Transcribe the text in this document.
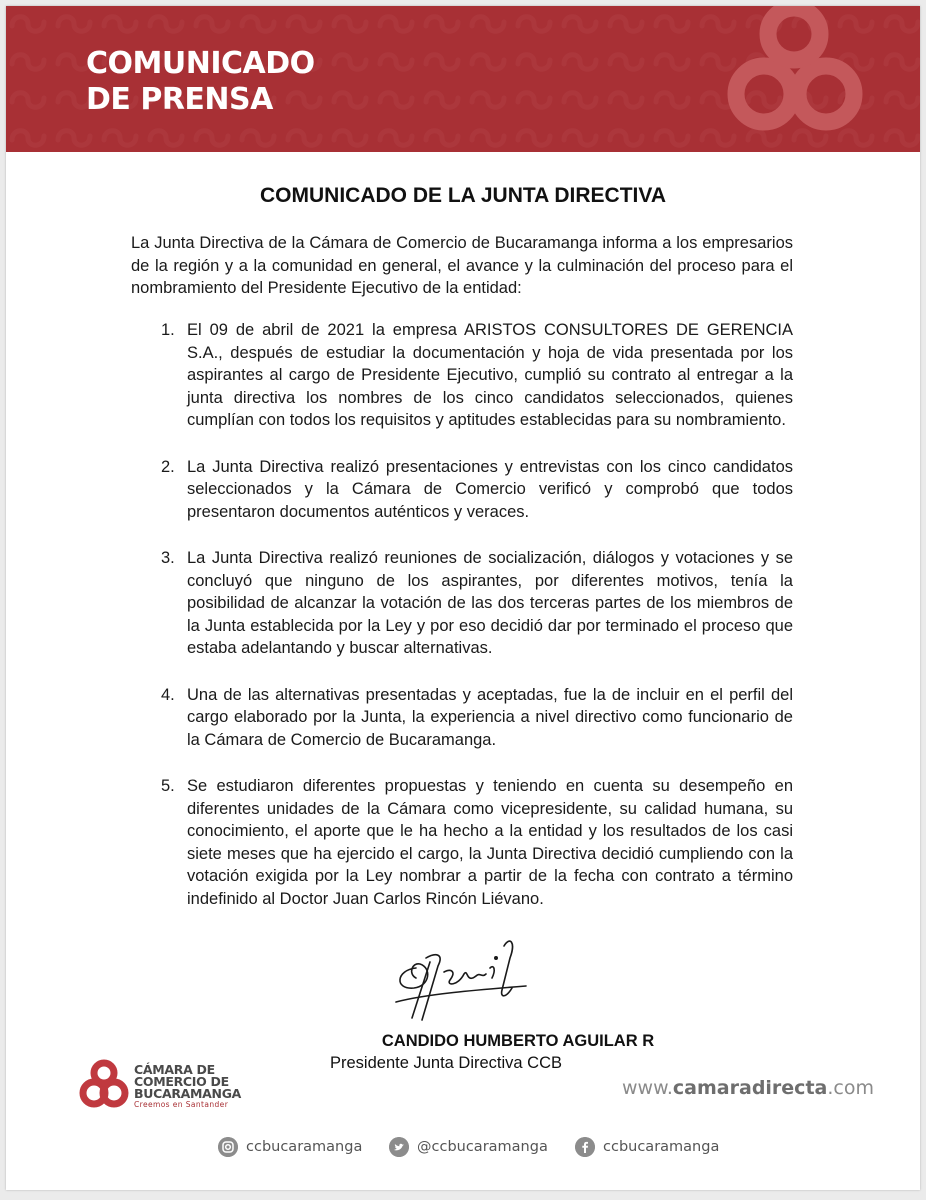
COMUNICADO
DE PRENSA
COMUNICADO DE LA JUNTA DIRECTIVA
La Junta Directiva de la Cámara de Comercio de Bucaramanga informa a los empresarios de la región y a la comunidad en general, el avance y la culminación del proceso para el nombramiento del Presidente Ejecutivo de la entidad:
1. El 09 de abril de 2021 la empresa ARISTOS CONSULTORES DE GERENCIA S.A., después de estudiar la documentación y hoja de vida presentada por los aspirantes al cargo de Presidente Ejecutivo, cumplió su contrato al entregar a la junta directiva los nombres de los cinco candidatos seleccionados, quienes cumplían con todos los requisitos y aptitudes establecidas para su nombramiento.
2. La Junta Directiva realizó presentaciones y entrevistas con los cinco candidatos seleccionados y la Cámara de Comercio verificó y comprobó que todos presentaron documentos auténticos y veraces.
3. La Junta Directiva realizó reuniones de socialización, diálogos y votaciones y se concluyó que ninguno de los aspirantes, por diferentes motivos, tenía la posibilidad de alcanzar la votación de las dos terceras partes de los miembros de la Junta establecida por la Ley y por eso decidió dar por terminado el proceso que estaba adelantando y buscar alternativas.
4. Una de las alternativas presentadas y aceptadas, fue la de incluir en el perfil del cargo elaborado por la Junta, la experiencia a nivel directivo como funcionario de la Cámara de Comercio de Bucaramanga.
5. Se estudiaron diferentes propuestas y teniendo en cuenta su desempeño en diferentes unidades de la Cámara como vicepresidente, su calidad humana, su conocimiento, el aporte que le ha hecho a la entidad y los resultados de los casi siete meses que ha ejercido el cargo, la Junta Directiva decidió cumpliendo con la votación exigida por la Ley nombrar a partir de la fecha con contrato a término indefinido al Doctor Juan Carlos Rincón Liévano.
CANDIDO HUMBERTO AGUILAR R
Presidente Junta Directiva CCB
CÁMARA DE
COMERCIO DE
BUCARAMANGA
Creemos en Santander
www.camaradirecta.com
ccbucaramanga	@ccbucaramanga	ccbucaramanga
